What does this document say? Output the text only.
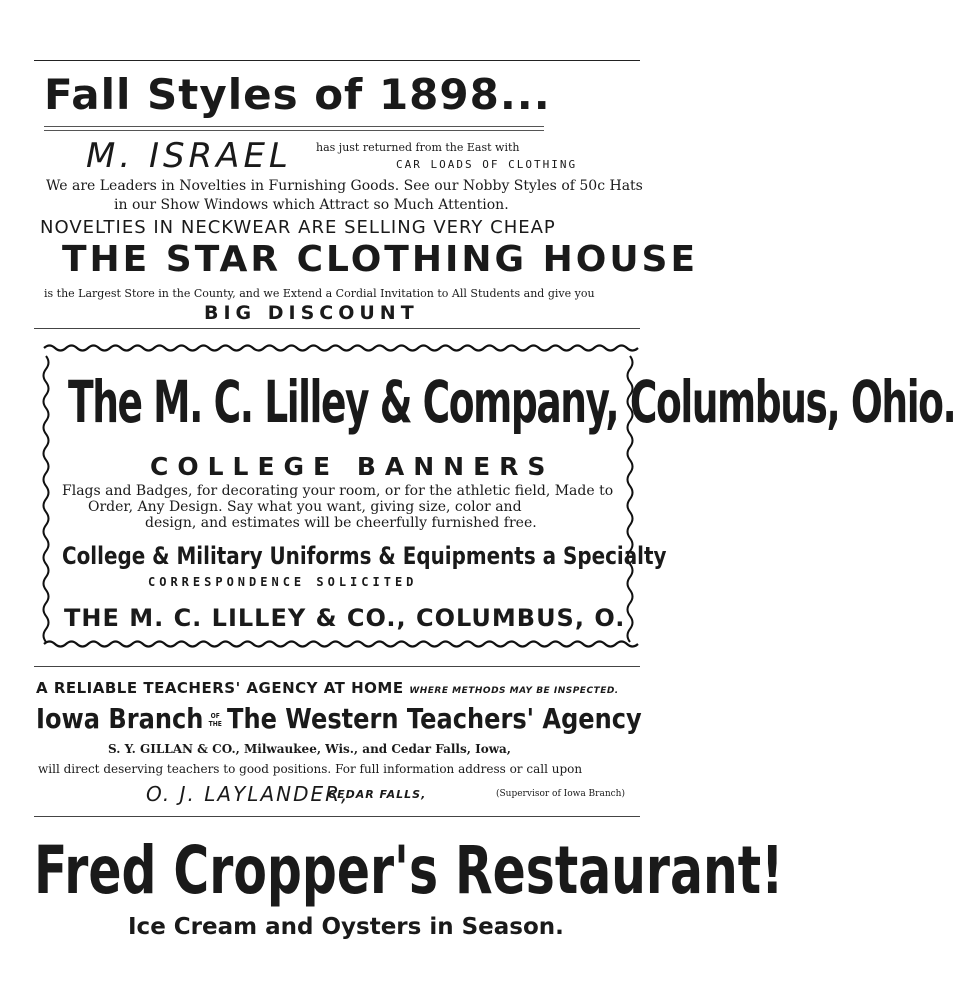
Fall Styles of 1898...
M. ISRAEL has just returned from the East with
CAR LOADS OF CLOTHING
We are Leaders in Novelties in Furnishing Goods. See our Nobby Styles of 50c Hats
in our Show Windows which Attract so Much Attention.
NOVELTIES IN NECKWEAR ARE SELLING VERY CHEAP
THE STAR CLOTHING HOUSE
is the Largest Store in the County, and we Extend a Cordial Invitation to All Students and give you
BIG DISCOUNT
The M. C. Lilley & Company, Columbus, Ohio.
COLLEGE BANNERS
Flags and Badges, for decorating your room, or for the athletic field, Made to
Order, Any Design. Say what you want, giving size, color and
design, and estimates will be cheerfully furnished free.
College & Military Uniforms & Equipments a Specialty
CORRESPONDENCE SOLICITED
THE M. C. LILLEY & CO., COLUMBUS, O.
A RELIABLE TEACHERS' AGENCY AT HOME WHERE METHODS MAY BE INSPECTED.
Iowa Branch OF
THE The Western Teachers' Agency
S. Y. GILLAN & CO., Milwaukee, Wis., and Cedar Falls, Iowa,
will direct deserving teachers to good positions. For full information address or call upon
O. J. LAYLANDER,
CEDAR FALLS,	(Supervisor of Iowa Branch)
Fred Cropper's Restaurant!
Ice Cream and Oysters in Season.
